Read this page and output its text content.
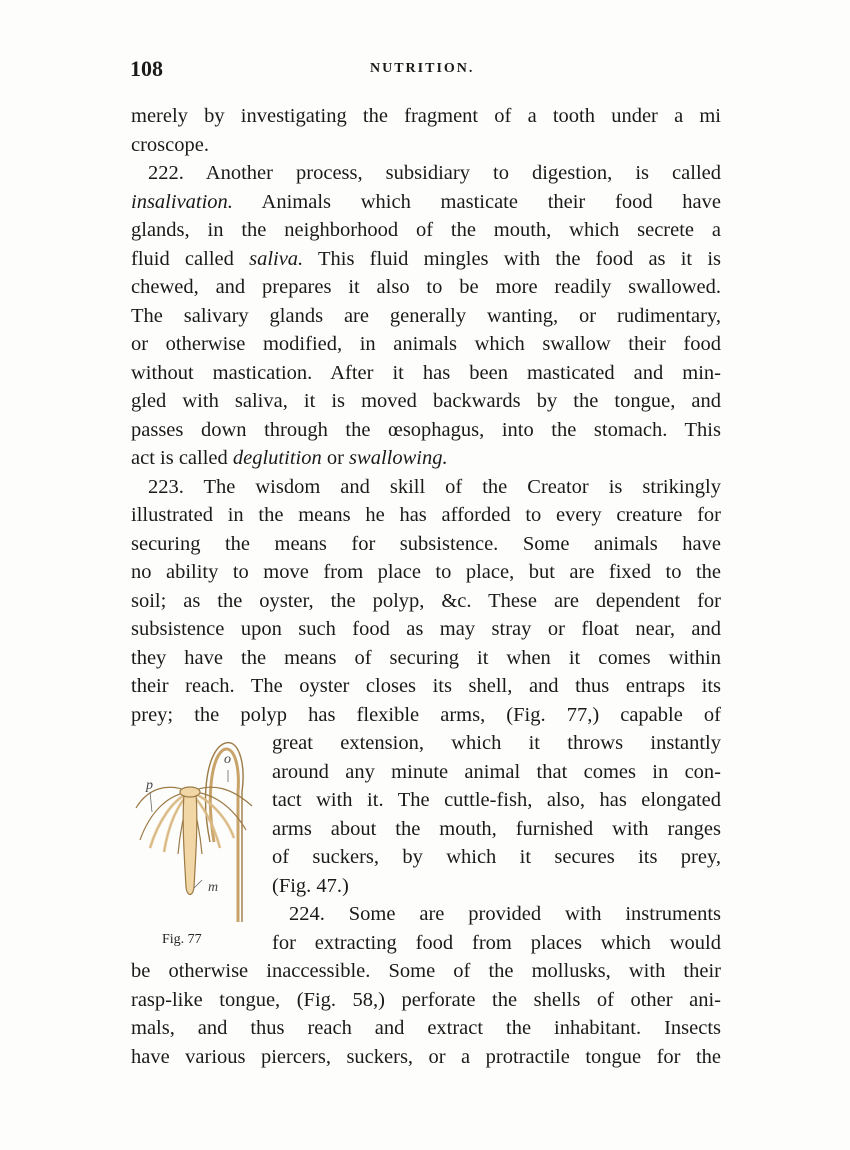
108	NUTRITION.
merely by investigating the fragment of a tooth under a mi
croscope.
222. Another process, subsidiary to digestion, is called
insalivation. Animals which masticate their food have
glands, in the neighborhood of the mouth, which secrete a
fluid called saliva. This fluid mingles with the food as it is
chewed, and prepares it also to be more readily swallowed.
The salivary glands are generally wanting, or rudimentary,
or otherwise modified, in animals which swallow their food
without mastication. After it has been masticated and min-
gled with saliva, it is moved backwards by the tongue, and
passes down through the œsophagus, into the stomach. This
act is called deglutition or swallowing.
223. The wisdom and skill of the Creator is strikingly
illustrated in the means he has afforded to every creature for
securing the means for subsistence. Some animals have
no ability to move from place to place, but are fixed to the
soil; as the oyster, the polyp, &c. These are dependent for
subsistence upon such food as may stray or float near, and
they have the means of securing it when it comes within
their reach. The oyster closes its shell, and thus entraps its
prey; the polyp has flexible arms, (Fig. 77,) capable of
great extension, which it throws instantly
around any minute animal that comes in con-
tact with it. The cuttle-fish, also, has elongated
arms about the mouth, furnished with ranges
of suckers, by which it secures its prey,
(Fig. 47.)
224. Some are provided with instruments
for extracting food from places which would
be otherwise inaccessible. Some of the mollusks, with their
rasp-like tongue, (Fig. 58,) perforate the shells of other ani-
mals, and thus reach and extract the inhabitant. Insects
have various piercers, suckers, or a protractile tongue for the
p
o
m
Fig. 77
